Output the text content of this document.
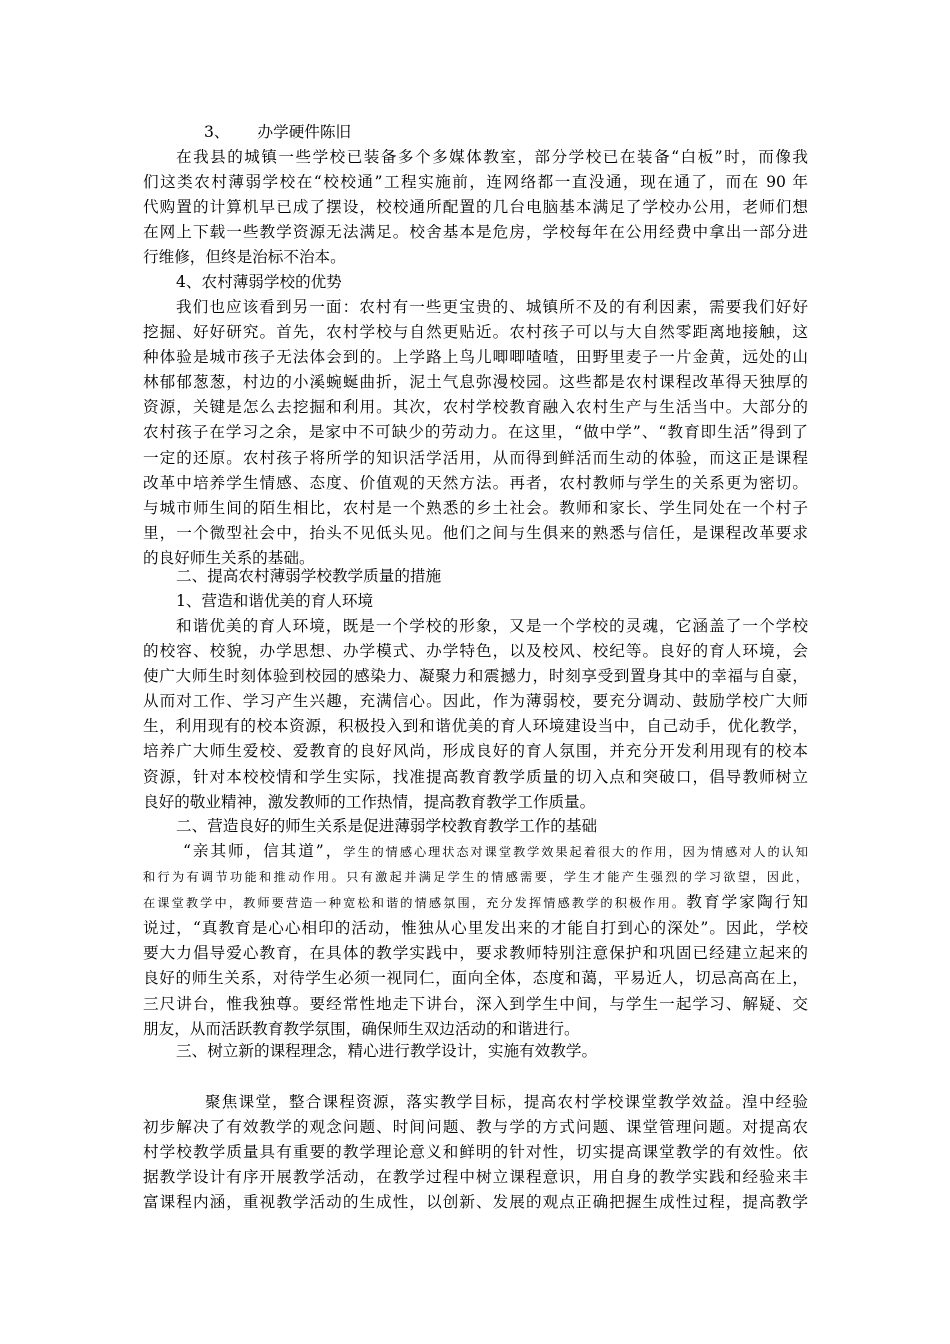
3、 办学硬件陈旧
在我县的城镇一些学校已装备多个多媒体教室，部分学校已在装备“白板”时，而像我
们这类农村薄弱学校在“校校通”工程实施前，连网络都一直没通，现在通了，而在 90 年
代购置的计算机早已成了摆设，校校通所配置的几台电脑基本满足了学校办公用，老师们想
在网上下载一些教学资源无法满足。校舍基本是危房，学校每年在公用经费中拿出一部分进
行维修，但终是治标不治本。
4、农村薄弱学校的优势
我们也应该看到另一面：农村有一些更宝贵的、城镇所不及的有利因素，需要我们好好
挖掘、好好研究。首先，农村学校与自然更贴近。农村孩子可以与大自然零距离地接触，这
种体验是城市孩子无法体会到的。上学路上鸟儿唧唧喳喳，田野里麦子一片金黄，远处的山
林郁郁葱葱，村边的小溪蜿蜒曲折，泥土气息弥漫校园。这些都是农村课程改革得天独厚的
资源，关键是怎么去挖掘和利用。其次，农村学校教育融入农村生产与生活当中。大部分的
农村孩子在学习之余，是家中不可缺少的劳动力。在这里，“做中学”、“教育即生活”得到了
一定的还原。农村孩子将所学的知识活学活用，从而得到鲜活而生动的体验，而这正是课程
改革中培养学生情感、态度、价值观的天然方法。再者，农村教师与学生的关系更为密切。
与城市师生间的陌生相比，农村是一个熟悉的乡土社会。教师和家长、学生同处在一个村子
里，一个微型社会中，抬头不见低头见。他们之间与生俱来的熟悉与信任，是课程改革要求
的良好师生关系的基础。
二、提高农村薄弱学校教学质量的措施
1、营造和谐优美的育人环境
和谐优美的育人环境，既是一个学校的形象，又是一个学校的灵魂，它涵盖了一个学校
的校容、校貌，办学思想、办学模式、办学特色，以及校风、校纪等。良好的育人环境，会
使广大师生时刻体验到校园的感染力、凝聚力和震撼力，时刻享受到置身其中的幸福与自豪，
从而对工作、学习产生兴趣，充满信心。因此，作为薄弱校，要充分调动、鼓励学校广大师
生，利用现有的校本资源，积极投入到和谐优美的育人环境建设当中，自己动手，优化教学，
培养广大师生爱校、爱教育的良好风尚，形成良好的育人氛围，并充分开发利用现有的校本
资源，针对本校校情和学生实际，找准提高教育教学质量的切入点和突破口，倡导教师树立
良好的敬业精神，激发教师的工作热情，提高教育教学工作质量。
二、营造良好的师生关系是促进薄弱学校教育教学工作的基础
“亲其师，信其道”，学生的情感心理状态对课堂教学效果起着很大的作用，因为情感对人的认知
和行为有调节功能和推动作用。只有激起并满足学生的情感需要，学生才能产生强烈的学习欲望，因此，
在课堂教学中，教师要营造一种宽松和谐的情感氛围，充分发挥情感教学的积极作用。教育学家陶行知
说过，“真教育是心心相印的活动，惟独从心里发出来的才能自打到心的深处”。因此，学校
要大力倡导爱心教育，在具体的教学实践中，要求教师特别注意保护和巩固已经建立起来的
良好的师生关系，对待学生必须一视同仁，面向全体，态度和蔼，平易近人，切忌高高在上，
三尺讲台，惟我独尊。要经常性地走下讲台，深入到学生中间，与学生一起学习、解疑、交
朋友，从而活跃教育教学氛围，确保师生双边活动的和谐进行。
三、树立新的课程理念，精心进行教学设计，实施有效教学。
聚焦课堂，整合课程资源，落实教学目标，提高农村学校课堂教学效益。湟中经验
初步解决了有效教学的观念问题、时间问题、教与学的方式问题、课堂管理问题。对提高农
村学校教学质量具有重要的教学理论意义和鲜明的针对性，切实提高课堂教学的有效性。依
据教学设计有序开展教学活动，在教学过程中树立课程意识，用自身的教学实践和经验来丰
富课程内涵，重视教学活动的生成性，以创新、发展的观点正确把握生成性过程，提高教学
